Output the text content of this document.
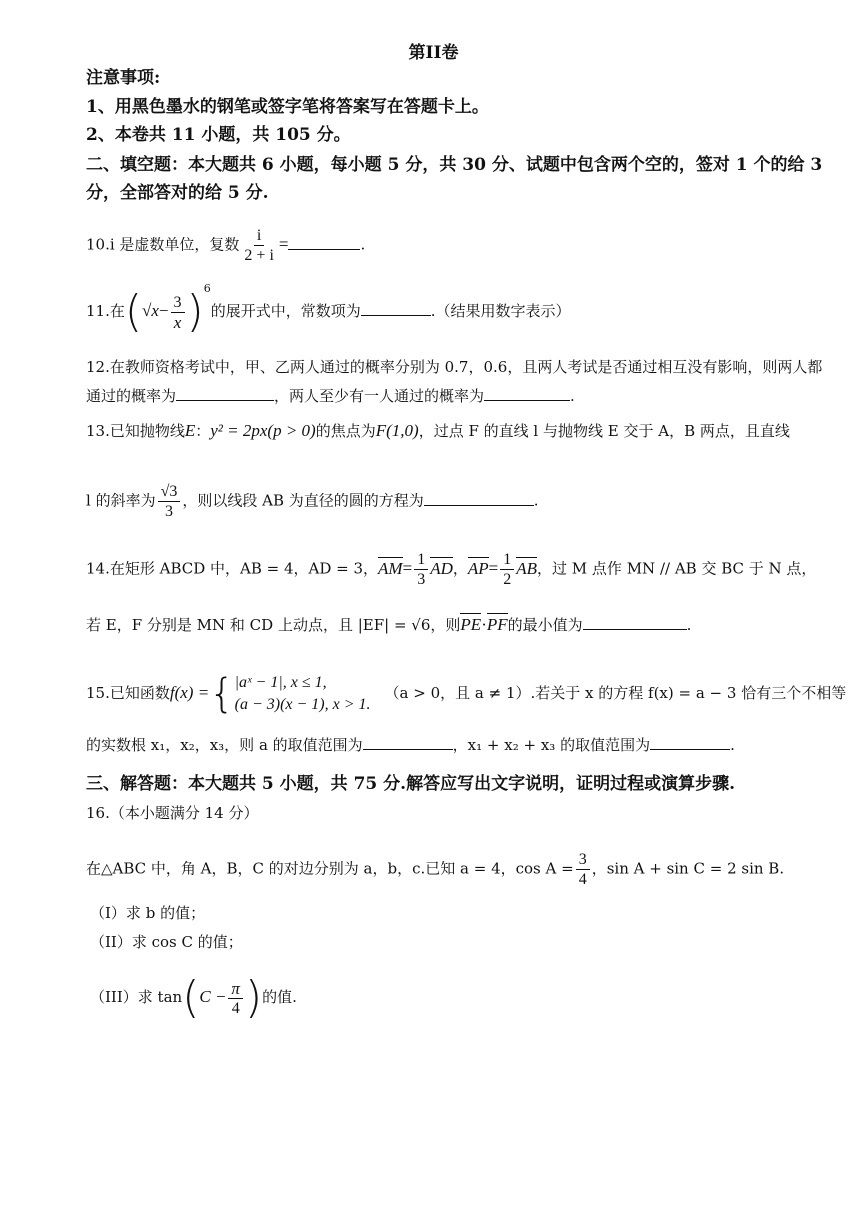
第II卷
注意事项:
1、用黑色墨水的钢笔或签字笔将答案写在答题卡上。
2、本卷共 11 小题，共 105 分。
二、填空题：本大题共 6 小题，每小题 5 分，共 30 分、试题中包含两个空的，签对 1 个的给 3
分，全部答对的给 5 分.
10.i 是虚数单位，复数 $\frac{i}{2 + i}$ =	.
11.在$(√x- \frac{3}{x} )^6$的展开式中，常数项为	.（结果用数字表示）
12.在教师资格考试中，甲、乙两人通过的概率分别为 0.7，0.6，且两人考试是否通过相互没有影响，则两人都
通过的概率为	，两人至少有一人通过的概率为	.
13.已知抛物线E：y² = 2px(p > 0)的焦点为F(1,0)，过点 F 的直线 l 与抛物线 E 交于 A，B 两点，且直线
l 的斜率为 $\frac{√3}{3}$ ，则以线段 AB 为直径的圆的方程为	.
14.在矩形 ABCD 中，AB = 4，AD = 3，$AM= \frac{1}{3}$ AD，$AP= \frac{1}{2}$ AB，过 M 点作 MN // AB 交 BC 于 N 点，
若 E，F 分别是 MN 和 CD 上动点，且 |EF| = √6，则PE·PF的最小值为	.
15.已知函数f(x) ={ |aˣ − 1|, x ≤ 1,
(a − 3)(x − 1), x > 1.
（a > 0，且 a ≠ 1）.若关于 x 的方程 f(x) = a − 3 恰有三个不相等
的实数根 x₁，x₂，x₃，则 a 的取值范围为	，x₁ + x₂ + x₃ 的取值范围为	.
三、解答题：本大题共 5 小题，共 75 分.解答应写出文字说明，证明过程或演算步骤.
16.（本小题满分 14 分）
在△ABC 中，角 A，B，C 的对边分别为 a，b，c.已知 a = 4，$\cos A = \frac{3}{4}$ ，sin A + sin C = 2 sin B.
（I）求 b 的值；
（II）求 cos C 的值；
（III）求 $\tan(C - \frac{\pi}{4}$ )的值.
